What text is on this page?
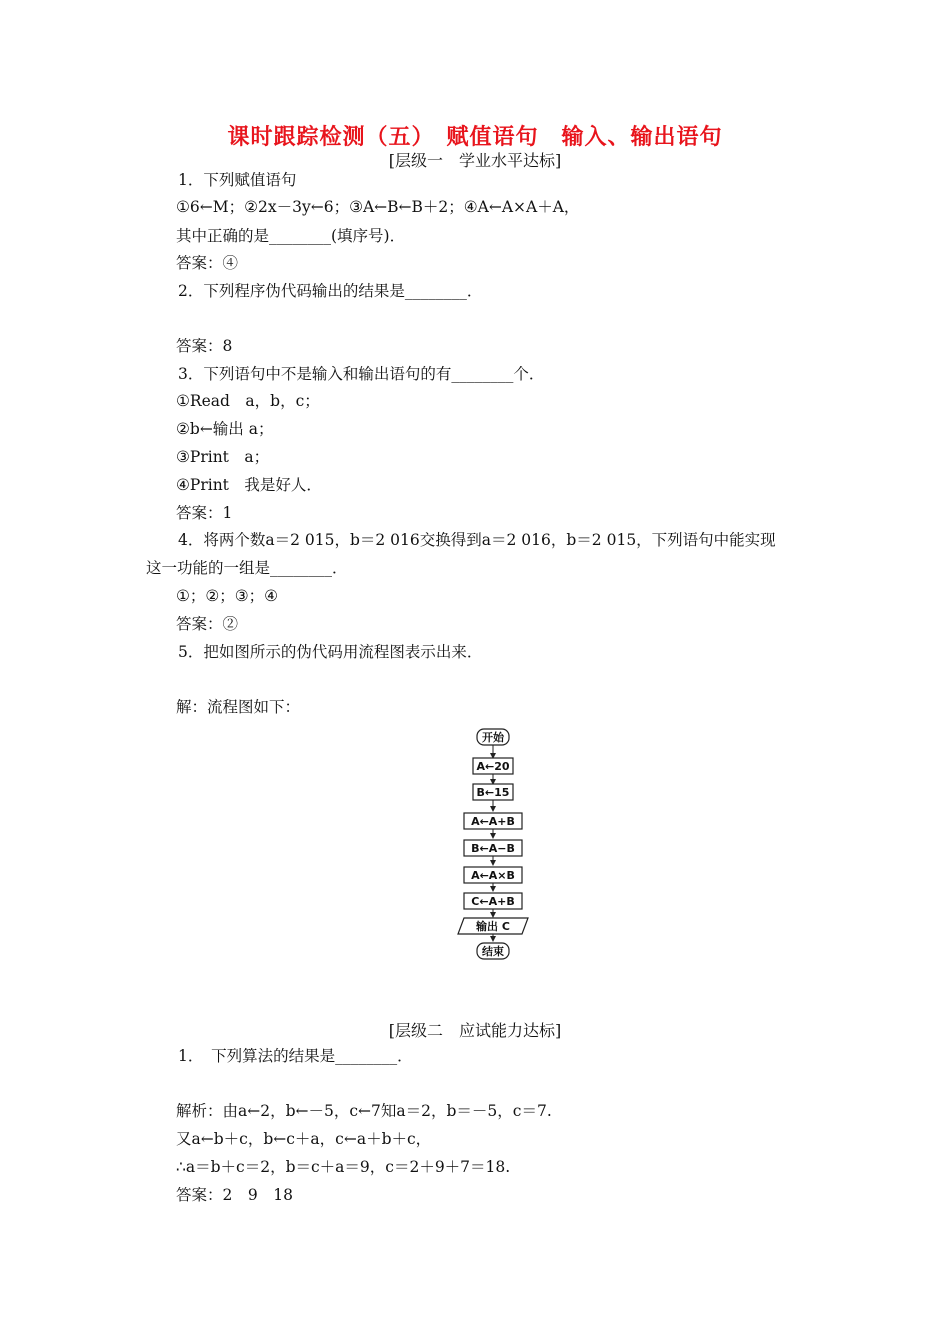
课时跟踪检测（五）　赋值语句　输入、输出语句
[层级一　学业水平达标]
1．下列赋值语句
①6←M；②2x－3y←6；③A←B←B＋2；④A←A×A＋A，
其中正确的是________(填序号)．
答案：④
2．下列程序伪代码输出的结果是________．
答案：8
3．下列语句中不是输入和输出语句的有________个．
①Read　a，b，c；
②b←输出 a；
③Print　a；
④Print　我是好人．
答案：1
4．将两个数a＝2 015，b＝2 016交换得到a＝2 016，b＝2 015，下列语句中能实现
这一功能的一组是________．
①；②；③；④
答案：②
5．把如图所示的伪代码用流程图表示出来．
解：流程图如下：
开始
A←20
B←15
A←A+B
B←A−B
A←A×B
C←A+B
输出 C
结束
[层级二　应试能力达标]
1．　下列算法的结果是________．
解析：由a←2，b←－5，c←7知a＝2，b＝－5，c＝7.
又a←b＋c，b←c＋a，c←a＋b＋c，
∴a＝b＋c＝2，b＝c＋a＝9，c＝2＋9＋7＝18.
答案：2　9　18
